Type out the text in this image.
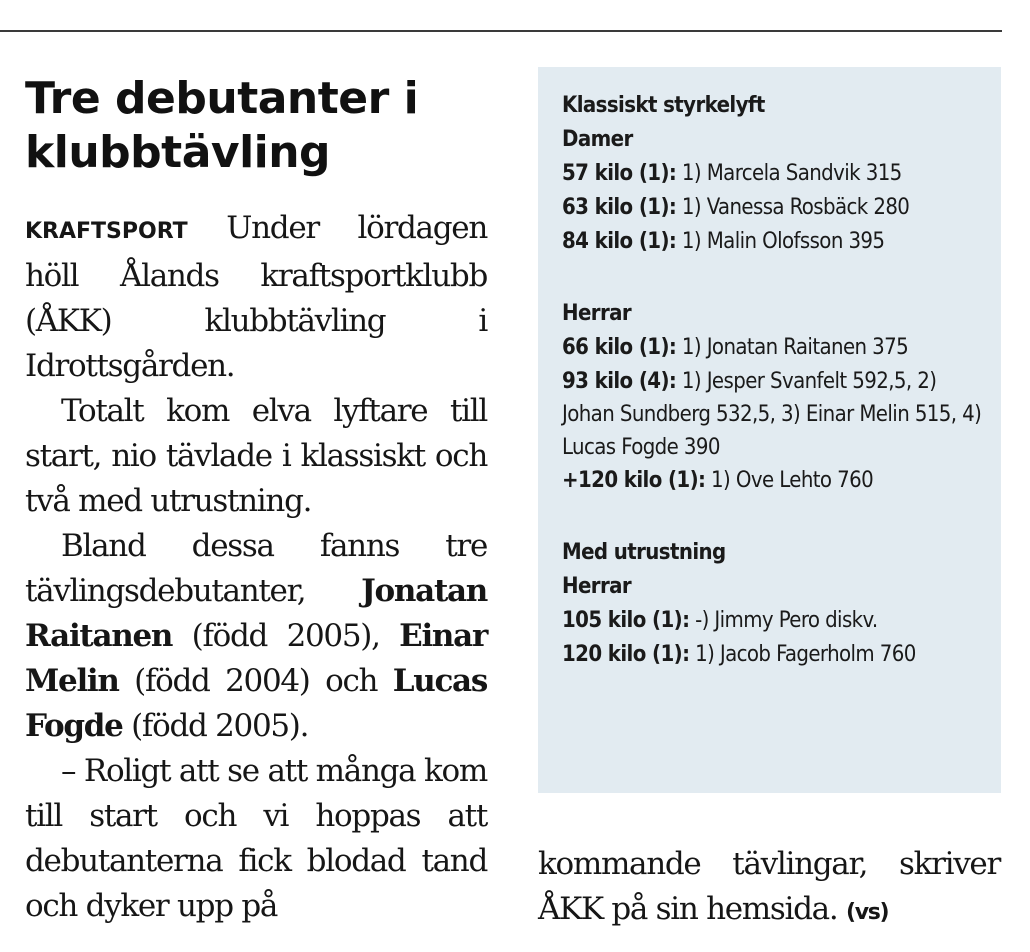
Tre debutanter i klubbtävling

KRAFTSPORT Under lördagen höll Ålands kraftsportklubb (ÅKK) klubbtävling i Idrottsgården.

Totalt kom elva lyftare till start, nio tävlade i klassiskt och två med utrustning.

Bland dessa fanns tre tävlingsdebutanter, Jonatan Raitanen (född 2005), Einar Melin (född 2004) och Lucas Fogde (född 2005).

– Roligt att se att många kom till start och vi hoppas att debutanterna fick blodad tand och dyker upp på

Klassiskt styrkelyft
Damer
57 kilo (1): 1) Marcela Sandvik 315
63 kilo (1): 1) Vanessa Rosbäck 280
84 kilo (1): 1) Malin Olofsson 395
Herrar
66 kilo (1): 1) Jonatan Raitanen 375
93 kilo (4): 1) Jesper Svanfelt 592,5, 2) Johan Sundberg 532,5, 3) Einar Melin 515, 4) Lucas Fogde 390
+120 kilo (1): 1) Ove Lehto 760
Med utrustning
Herrar
105 kilo (1): -) Jimmy Pero diskv.
120 kilo (1): 1) Jacob Fagerholm 760

kommande tävlingar, skriver ÅKK på sin hemsida. (vs)
